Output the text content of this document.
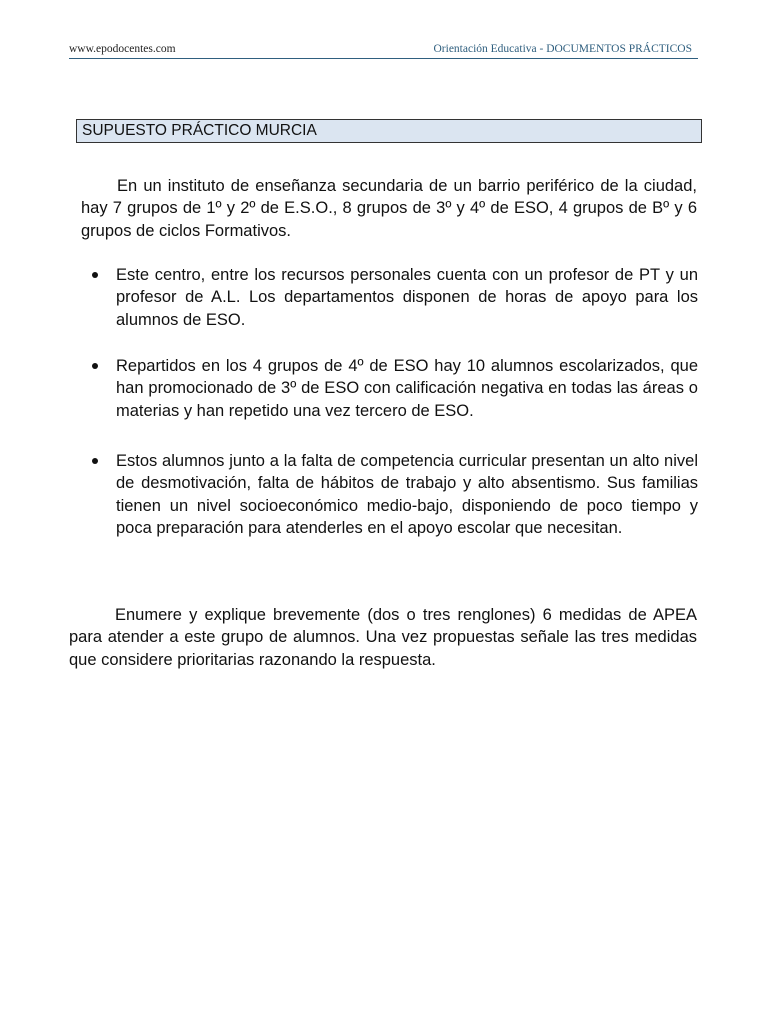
www.epodocentes.com	Orientación Educativa - DOCUMENTOS PRÁCTICOS
SUPUESTO PRÁCTICO MURCIA

En un instituto de enseñanza secundaria de un barrio periférico de la ciudad, hay 7 grupos de 1º y 2º de E.S.O., 8 grupos de 3º y 4º de ESO, 4 grupos de Bº y 6 grupos de ciclos Formativos.

Este centro, entre los recursos personales cuenta con un profesor de PT y un profesor de A.L. Los departamentos disponen de horas de apoyo para los alumnos de ESO.

Repartidos en los 4 grupos de 4º de ESO hay 10 alumnos escolarizados, que han promocionado de 3º de ESO con calificación negativa en todas las áreas o materias y han repetido una vez tercero de ESO.

Estos alumnos junto a la falta de competencia curricular presentan un alto nivel de desmotivación, falta de hábitos de trabajo y alto absentismo. Sus familias tienen un nivel socioeconómico medio-bajo, disponiendo de poco tiempo y poca preparación para atenderles en el apoyo escolar que necesitan.

Enumere y explique brevemente (dos o tres renglones) 6 medidas de APEA para atender a este grupo de alumnos. Una vez propuestas señale las tres medidas que considere prioritarias razonando la respuesta.
